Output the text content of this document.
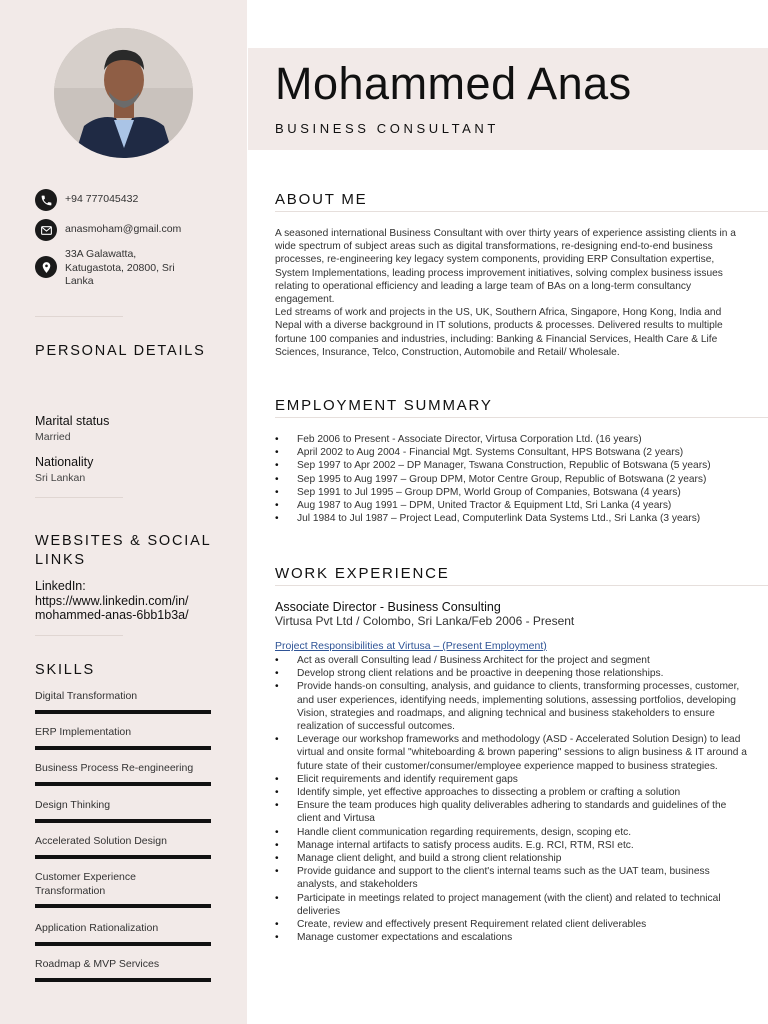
+94 777045432
anasmoham@gmail.com
33A Galawatta, Katugastota, 20800, Sri Lanka
PERSONAL DETAILS
Marital status
Married
Nationality
Sri Lankan
WEBSITES & SOCIAL LINKS
LinkedIn: https://www.linkedin.com/in/ mohammed-anas-6bb1b3a/
SKILLS
Digital Transformation
ERP Implementation
Business Process Re-engineering
Design Thinking
Accelerated Solution Design
Customer Experience Transformation
Application Rationalization
Roadmap & MVP Services
Mohammed Anas
BUSINESS CONSULTANT
ABOUT ME

A seasoned international Business Consultant with over thirty years of experience assisting clients in a wide spectrum of subject areas such as digital transformations, re-designing end-to-end business processes, re-engineering key legacy system components, providing ERP Consultation expertise, System Implementations, leading process improvement initiatives, solving complex business issues relating to operational efficiency and leading a large team of BAs on a long-term consultancy engagement.

Led streams of work and projects in the US, UK, Southern Africa, Singapore, Hong Kong, India and Nepal with a diverse background in IT solutions, products & processes. Delivered results to multiple fortune 100 companies and industries, including: Banking & Financial Services, Health Care & Life Sciences, Insurance, Telco, Construction, Automobile and Retail/ Wholesale.

EMPLOYMENT SUMMARY
• Feb 2006 to Present - Associate Director, Virtusa Corporation Ltd. (16 years)
• April 2002 to Aug 2004 - Financial Mgt. Systems Consultant, HPS Botswana (2 years)
• Sep 1997 to Apr 2002 – DP Manager, Tswana Construction, Republic of Botswana (5 years)
• Sep 1995 to Aug 1997 – Group DPM, Motor Centre Group, Republic of Botswana (2 years)
• Sep 1991 to Jul 1995 – Group DPM, World Group of Companies, Botswana (4 years)
• Aug 1987 to Aug 1991 – DPM, United Tractor & Equipment Ltd, Sri Lanka (4 years)
• Jul 1984 to Jul 1987 – Project Lead, Computerlink Data Systems Ltd., Sri Lanka (3 years)
WORK EXPERIENCE
Associate Director - Business Consulting
Virtusa Pvt Ltd / Colombo, Sri Lanka/Feb 2006 - Present
Project Responsibilities at Virtusa – (Present Employment)
• Act as overall Consulting lead / Business Architect for the project and segment
• Develop strong client relations and be proactive in deepening those relationships.
• Provide hands-on consulting, analysis, and guidance to clients, transforming processes, customer, and user experiences, identifying needs, implementing solutions, assessing portfolios, developing Vision, strategies and roadmaps, and aligning technical and business stakeholders to ensure realization of successful outcomes.
• Leverage our workshop frameworks and methodology (ASD - Accelerated Solution Design) to lead virtual and onsite formal "whiteboarding & brown papering" sessions to align business & IT around a future state of their customer/consumer/employee experience mapped to business strategies.
• Elicit requirements and identify requirement gaps
• Identify simple, yet effective approaches to dissecting a problem or crafting a solution
• Ensure the team produces high quality deliverables adhering to standards and guidelines of the client and Virtusa
• Handle client communication regarding requirements, design, scoping etc.
• Manage internal artifacts to satisfy process audits. E.g. RCI, RTM, RSI etc.
• Manage client delight, and build a strong client relationship
• Provide guidance and support to the client's internal teams such as the UAT team, business analysts, and stakeholders
• Participate in meetings related to project management (with the client) and related to technical deliveries
• Create, review and effectively present Requirement related client deliverables
• Manage customer expectations and escalations
